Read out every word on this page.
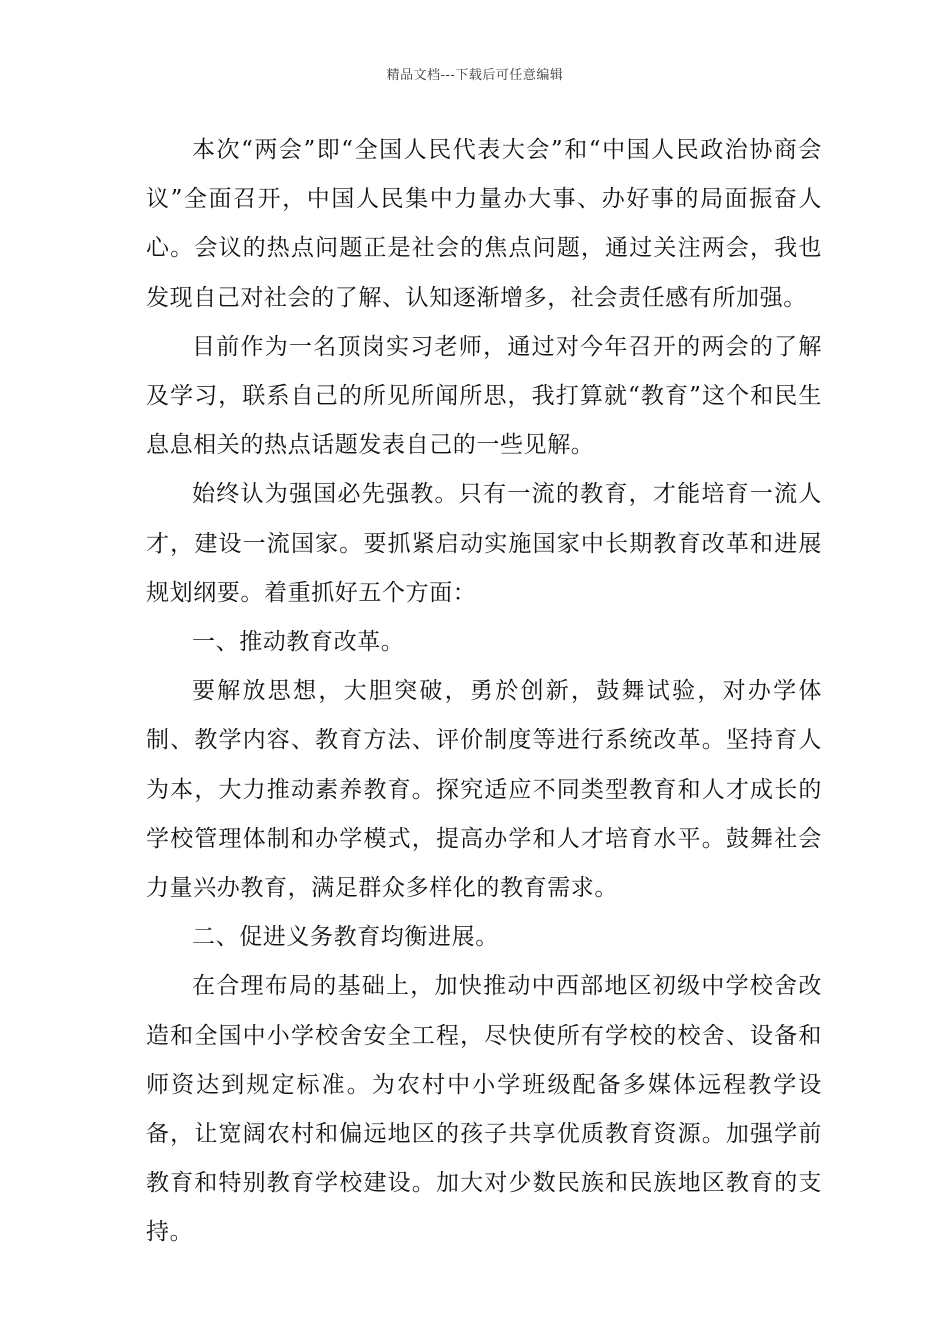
精品文档---下载后可任意编辑

本次“两会”即“全国人民代表大会”和“中国人民政治协商会议”全面召开，中国人民集中力量办大事、办好事的局面振奋人心。会议的热点问题正是社会的焦点问题，通过关注两会，我也发现自己对社会的了解、认知逐渐增多，社会责任感有所加强。

目前作为一名顶岗实习老师，通过对今年召开的两会的了解及学习，联系自己的所见所闻所思，我打算就“教育”这个和民生息息相关的热点话题发表自己的一些见解。

始终认为强国必先强教。只有一流的教育，才能培育一流人才，建设一流国家。要抓紧启动实施国家中长期教育改革和进展规划纲要。着重抓好五个方面：

一、推动教育改革。

要解放思想，大胆突破，勇於创新，鼓舞试验，对办学体制、教学内容、教育方法、评价制度等进行系统改革。坚持育人为本，大力推动素养教育。探究适应不同类型教育和人才成长的学校管理体制和办学模式，提高办学和人才培育水平。鼓舞社会力量兴办教育，满足群众多样化的教育需求。

二、促进义务教育均衡进展。

在合理布局的基础上，加快推动中西部地区初级中学校舍改造和全国中小学校舍安全工程，尽快使所有学校的校舍、设备和师资达到规定标准。为农村中小学班级配备多媒体远程教学设备，让宽阔农村和偏远地区的孩子共享优质教育资源。加强学前教育和特别教育学校建设。加大对少数民族和民族地区教育的支持。
